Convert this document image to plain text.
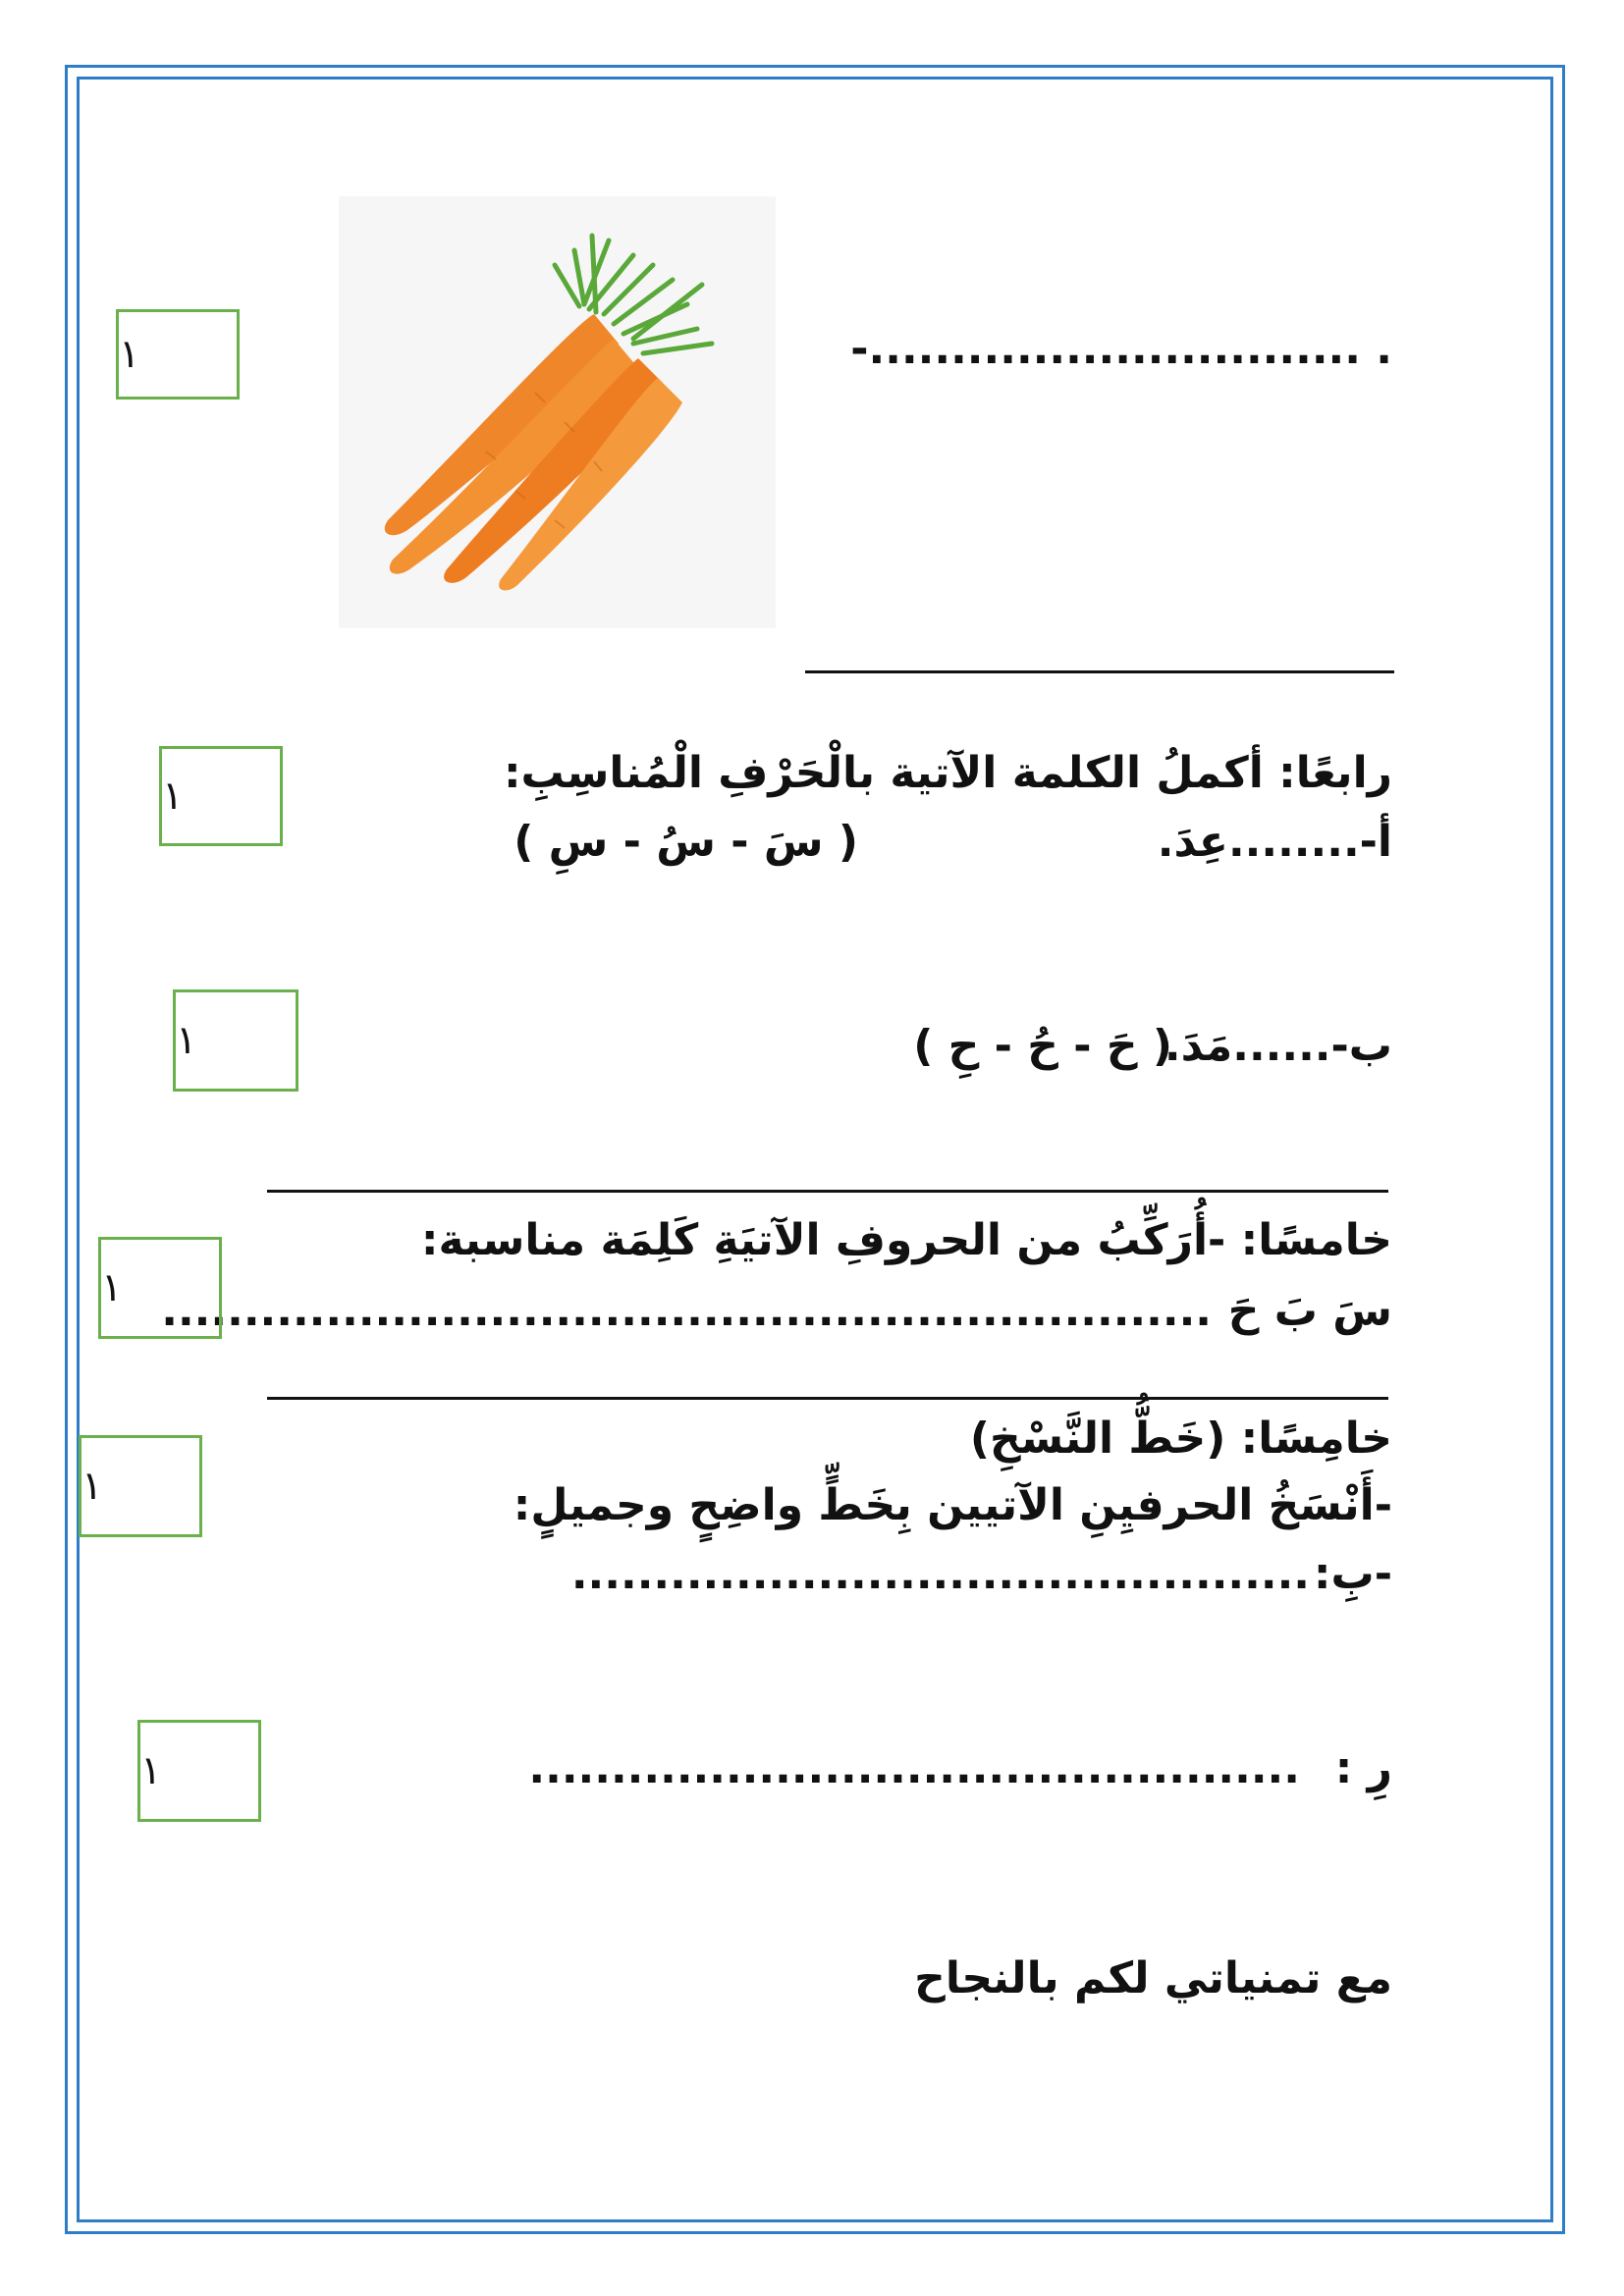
-.............................. .
١
رابعًا: أكملُ الكلمة الآتية بالْحَرْفِ الْمُناسِبِ:
أ-........عِدَ.
( سَ - سُ - سِ )
١
ب-......مَدَ.
( حَ - حُ - حِ )
١
خامسًا: -أُرَكِّبُ من الحروفِ الآتيَةِ كَلِمَة مناسبة:
سَ بَ حَ
................................................................
١
خامِسًا: (خَطُّ النَّسْخِ)
-أَنْسَخُ الحرفيِنِ الآتيين بِخَطٍّ واضِحٍ وجميلٍ:
-بِ:
.............................................
١
رِ :
...............................................
١
مع تمنياتي لكم بالنجاح
